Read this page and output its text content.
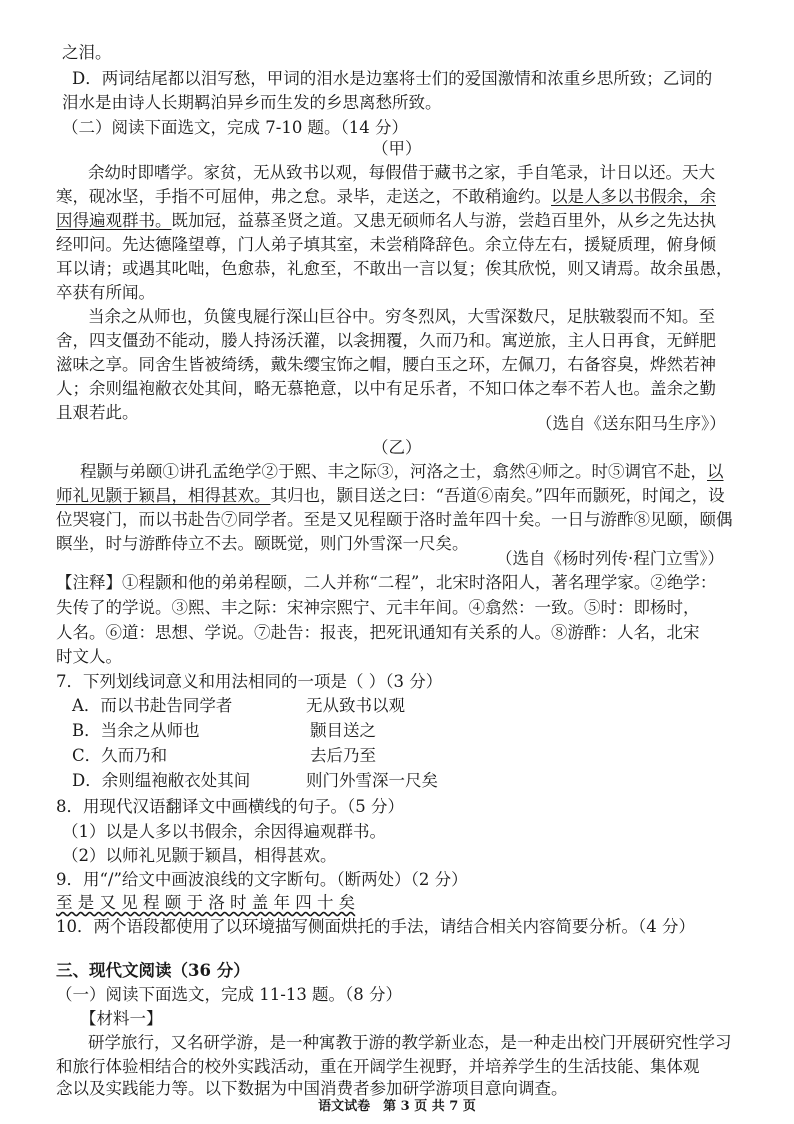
之泪。
D．两词结尾都以泪写愁，甲词的泪水是边塞将士们的爱国激情和浓重乡思所致；乙词的
泪水是由诗人长期羁泊异乡而生发的乡思离愁所致。
（二）阅读下面选文，完成 7-10 题。（14 分）
（甲）
余幼时即嗜学。家贫，无从致书以观，每假借于藏书之家，手自笔录，计日以还。天大
寒，砚冰坚，手指不可屈伸，弗之怠。录毕，走送之，不敢稍逾约。以是人多以书假余，余
因得遍观群书。既加冠，益慕圣贤之道。又患无硕师名人与游，尝趋百里外，从乡之先达执
经叩问。先达德隆望尊，门人弟子填其室，未尝稍降辞色。余立侍左右，援疑质理，俯身倾
耳以请；或遇其叱咄，色愈恭，礼愈至，不敢出一言以复；俟其欣悦，则又请焉。故余虽愚，
卒获有所闻。
当余之从师也，负箧曳屣行深山巨谷中。穷冬烈风，大雪深数尺，足肤皲裂而不知。至
舍，四支僵劲不能动，媵人持汤沃灌，以衾拥覆，久而乃和。寓逆旅，主人日再食，无鲜肥
滋味之享。同舍生皆被绮绣，戴朱缨宝饰之帽，腰白玉之环，左佩刀，右备容臭，烨然若神
人；余则缊袍敝衣处其间，略无慕艳意，以中有足乐者，不知口体之奉不若人也。盖余之勤
且艰若此。
（选自《送东阳马生序》）
（乙）
程颢与弟颐①讲孔孟绝学②于熙、丰之际③，河洛之士，翕然④师之。时⑤调官不赴，以
师礼见颢于颖昌，相得甚欢。其归也，颢目送之曰：“吾道⑥南矣。”四年而颢死，时闻之，设
位哭寝门，而以书赴告⑦同学者。至是又见程颐于洛时盖年四十矣。一日与游酢⑧见颐，颐偶
瞑坐，时与游酢侍立不去。颐既觉，则门外雪深一尺矣。
（选自《杨时列传·程门立雪》）
【注释】①程颢和他的弟弟程颐，二人并称“二程”，北宋时洛阳人，著名理学家。②绝学：
失传了的学说。③熙、丰之际：宋神宗熙宁、元丰年间。④翕然：一致。⑤时：即杨时，
人名。⑥道：思想、学说。⑦赴告：报丧，把死讯通知有关系的人。⑧游酢：人名，北宋
时文人。
7．下列划线词意义和用法相同的一项是（ ）（3 分）
A．而以书赴告同学者	无从致书以观
B．当余之从师也	颢目送之
C．久而乃和	去后乃至
D．余则缊袍敝衣处其间	则门外雪深一尺矣
8．用现代汉语翻译文中画横线的句子。（5 分）
（1）以是人多以书假余，余因得遍观群书。
（2）以师礼见颢于颖昌，相得甚欢。
9．用“/”给文中画波浪线的文字断句。（断两处）（2 分）
至 是 又 见 程 颐 于 洛 时 盖 年 四 十 矣
10．两个语段都使用了以环境描写侧面烘托的手法，请结合相关内容简要分析。（4 分）
三、现代文阅读（36 分）
（一）阅读下面选文，完成 11-13 题。（8 分）
【材料一】
研学旅行，又名研学游，是一种寓教于游的教学新业态，是一种走出校门开展研究性学习
和旅行体验相结合的校外实践活动，重在开阔学生视野，并培养学生的生活技能、集体观
念以及实践能力等。以下数据为中国消费者参加研学游项目意向调查。
语文试卷　第 3 页 共 7 页
